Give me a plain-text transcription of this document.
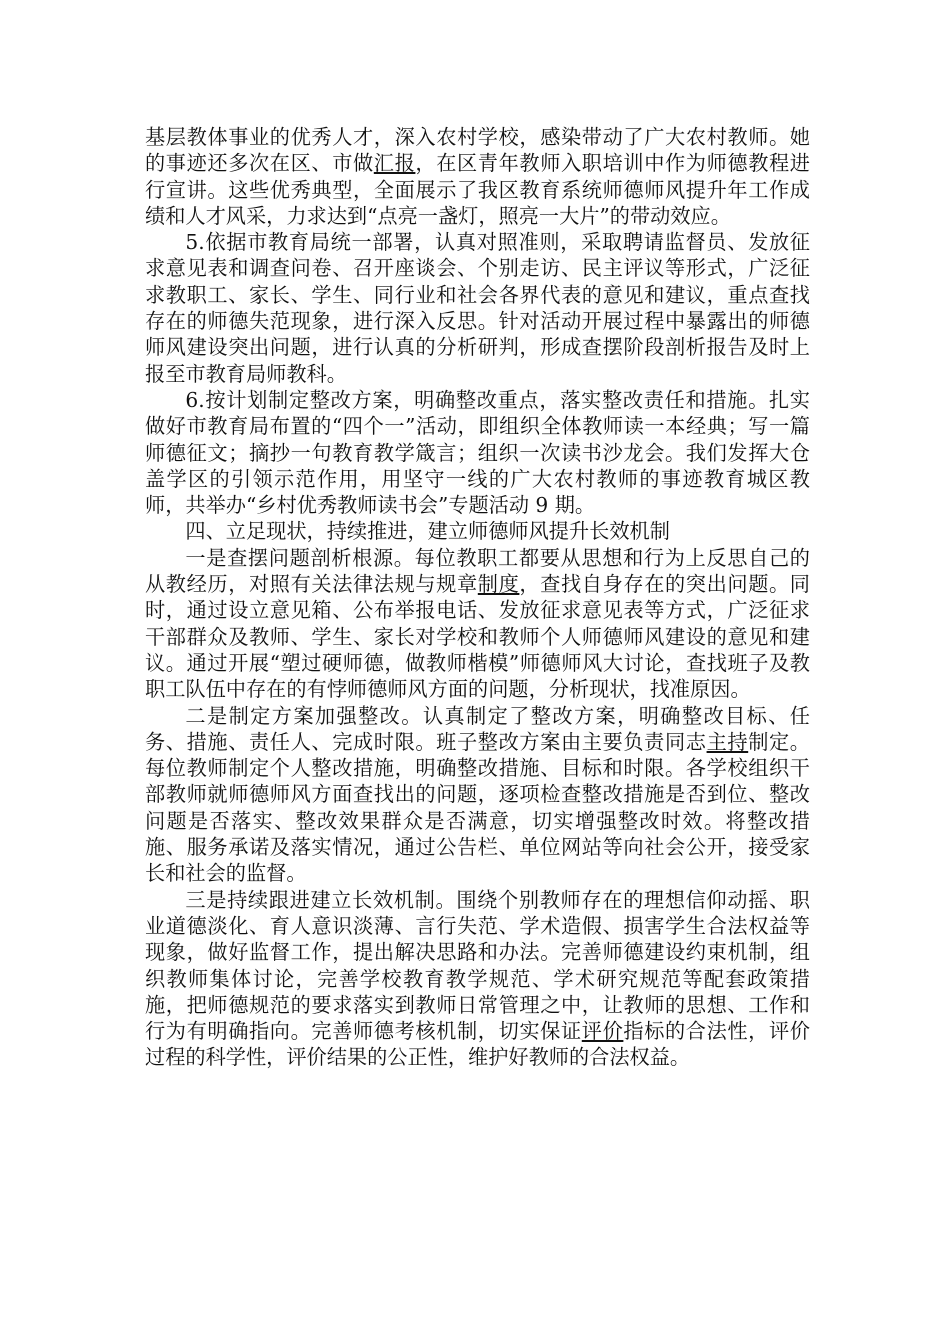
基层教体事业的优秀人才，深入农村学校，感染带动了广大农村教师。她的事迹还多次在区、市做汇报，在区青年教师入职培训中作为师德教程进行宣讲。这些优秀典型，全面展示了我区教育系统师德师风提升年工作成绩和人才风采，力求达到“点亮一盏灯，照亮一大片”的带动效应。

5.依据市教育局统一部署，认真对照准则，采取聘请监督员、发放征求意见表和调查问卷、召开座谈会、个别走访、民主评议等形式，广泛征求教职工、家长、学生、同行业和社会各界代表的意见和建议，重点查找存在的师德失范现象，进行深入反思。针对活动开展过程中暴露出的师德师风建设突出问题，进行认真的分析研判，形成查摆阶段剖析报告及时上报至市教育局师教科。

6.按计划制定整改方案，明确整改重点，落实整改责任和措施。扎实做好市教育局布置的“四个一”活动，即组织全体教师读一本经典；写一篇师德征文；摘抄一句教育教学箴言；组织一次读书沙龙会。我们发挥大仓盖学区的引领示范作用，用坚守一线的广大农村教师的事迹教育城区教师，共举办“乡村优秀教师读书会”专题活动 9 期。

四、立足现状，持续推进，建立师德师风提升长效机制

一是查摆问题剖析根源。每位教职工都要从思想和行为上反思自己的从教经历，对照有关法律法规与规章制度，查找自身存在的突出问题。同时，通过设立意见箱、公布举报电话、发放征求意见表等方式，广泛征求干部群众及教师、学生、家长对学校和教师个人师德师风建设的意见和建议。通过开展“塑过硬师德，做教师楷模”师德师风大讨论，查找班子及教职工队伍中存在的有悖师德师风方面的问题，分析现状，找准原因。

二是制定方案加强整改。认真制定了整改方案，明确整改目标、任务、措施、责任人、完成时限。班子整改方案由主要负责同志主持制定。每位教师制定个人整改措施，明确整改措施、目标和时限。各学校组织干部教师就师德师风方面查找出的问题，逐项检查整改措施是否到位、整改问题是否落实、整改效果群众是否满意，切实增强整改时效。将整改措施、服务承诺及落实情况，通过公告栏、单位网站等向社会公开，接受家长和社会的监督。

三是持续跟进建立长效机制。围绕个别教师存在的理想信仰动摇、职业道德淡化、育人意识淡薄、言行失范、学术造假、损害学生合法权益等现象，做好监督工作，提出解决思路和办法。完善师德建设约束机制，组织教师集体讨论，完善学校教育教学规范、学术研究规范等配套政策措施，把师德规范的要求落实到教师日常管理之中，让教师的思想、工作和行为有明确指向。完善师德考核机制，切实保证评价指标的合法性，评价过程的科学性，评价结果的公正性，维护好教师的合法权益。
